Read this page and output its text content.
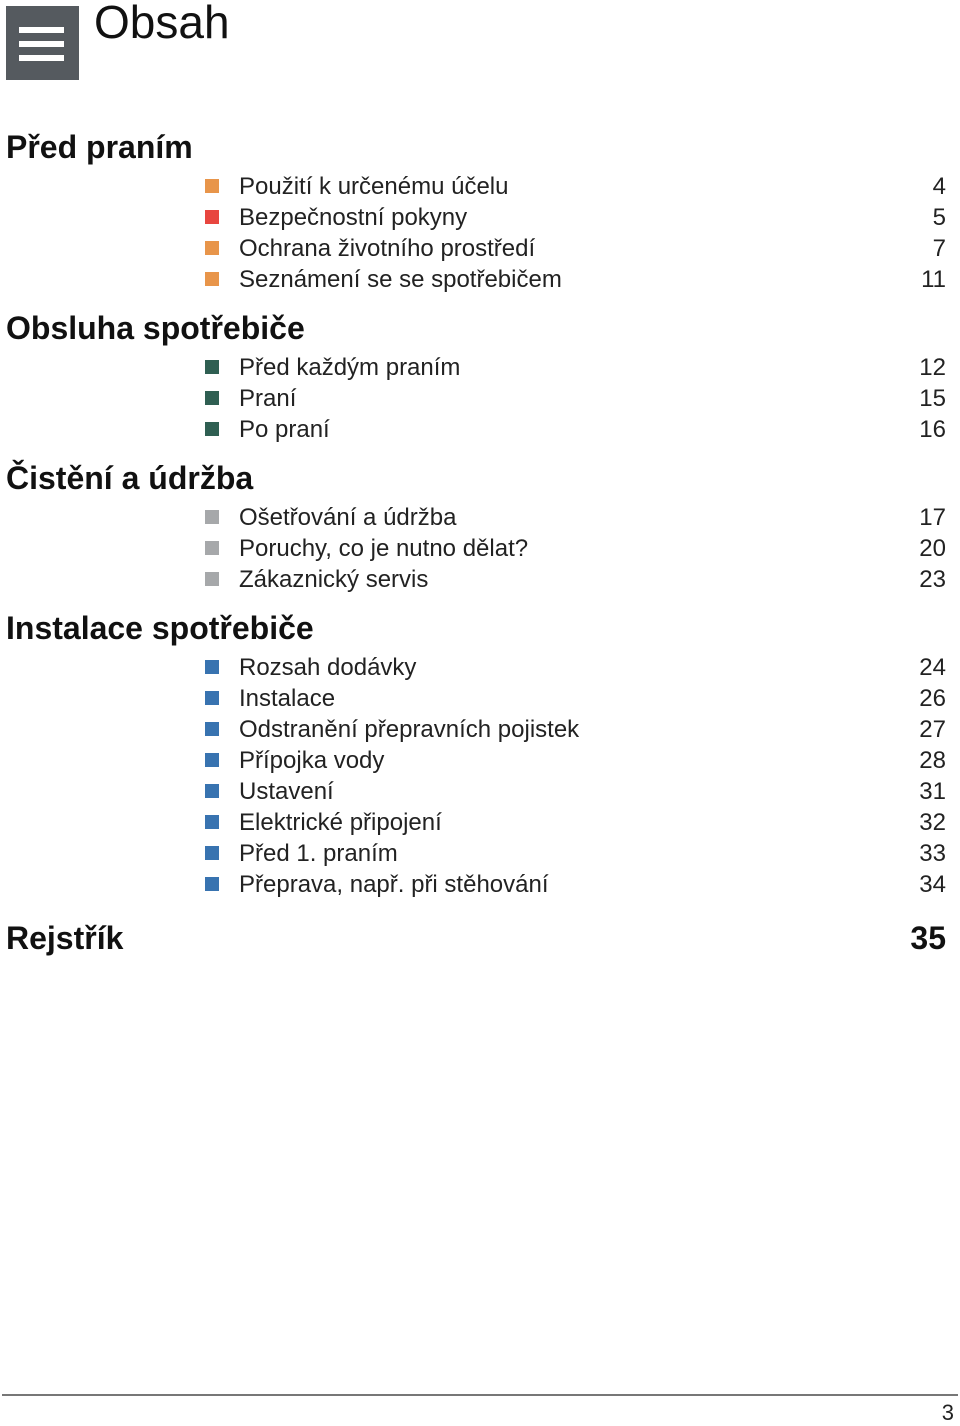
Obsah
Před praním
Použití k určenému účelu	4
Bezpečnostní pokyny	5
Ochrana životního prostředí	7
Seznámení se se spotřebičem	11
Obsluha spotřebiče
Před každým praním	12
Praní	15
Po praní	16
Čistění a údržba
Ošetřování a údržba	17
Poruchy, co je nutno dělat?	20
Zákaznický servis	23
Instalace spotřebiče
Rozsah dodávky	24
Instalace	26
Odstranění přepravních pojistek	27
Přípojka vody	28
Ustavení	31
Elektrické připojení	32
Před 1. praním	33
Přeprava, např. při stěhování	34
Rejstřík	35
3
